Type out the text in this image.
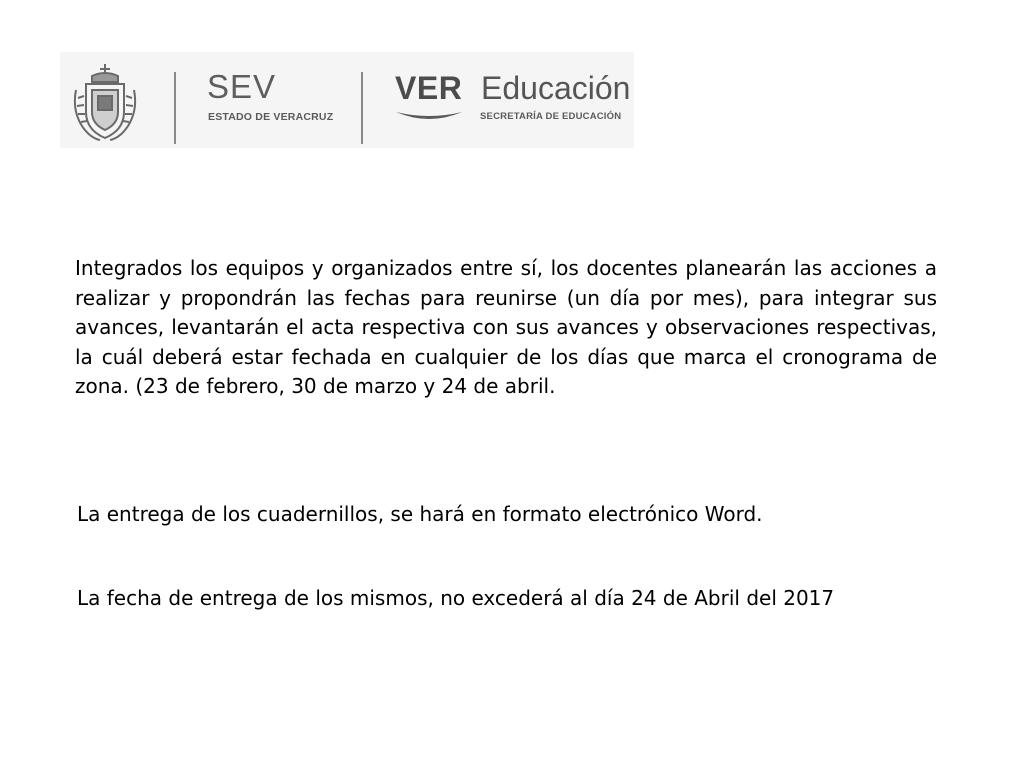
SEV
ESTADO DE VERACRUZ
VER Educación
SECRETARÍA DE EDUCACIÓN

Integrados los equipos y organizados entre sí, los docentes planearán las acciones a realizar y propondrán las fechas para reunirse (un día por mes), para integrar sus avances, levantarán el acta respectiva con sus avances y observaciones respectivas, la cuál deberá estar fechada en cualquier de los días que marca el cronograma de zona. (23 de febrero, 30 de marzo y 24 de abril.

La entrega de los cuadernillos, se hará en formato electrónico Word.

La fecha de entrega de los mismos, no excederá al día 24 de Abril del 2017
